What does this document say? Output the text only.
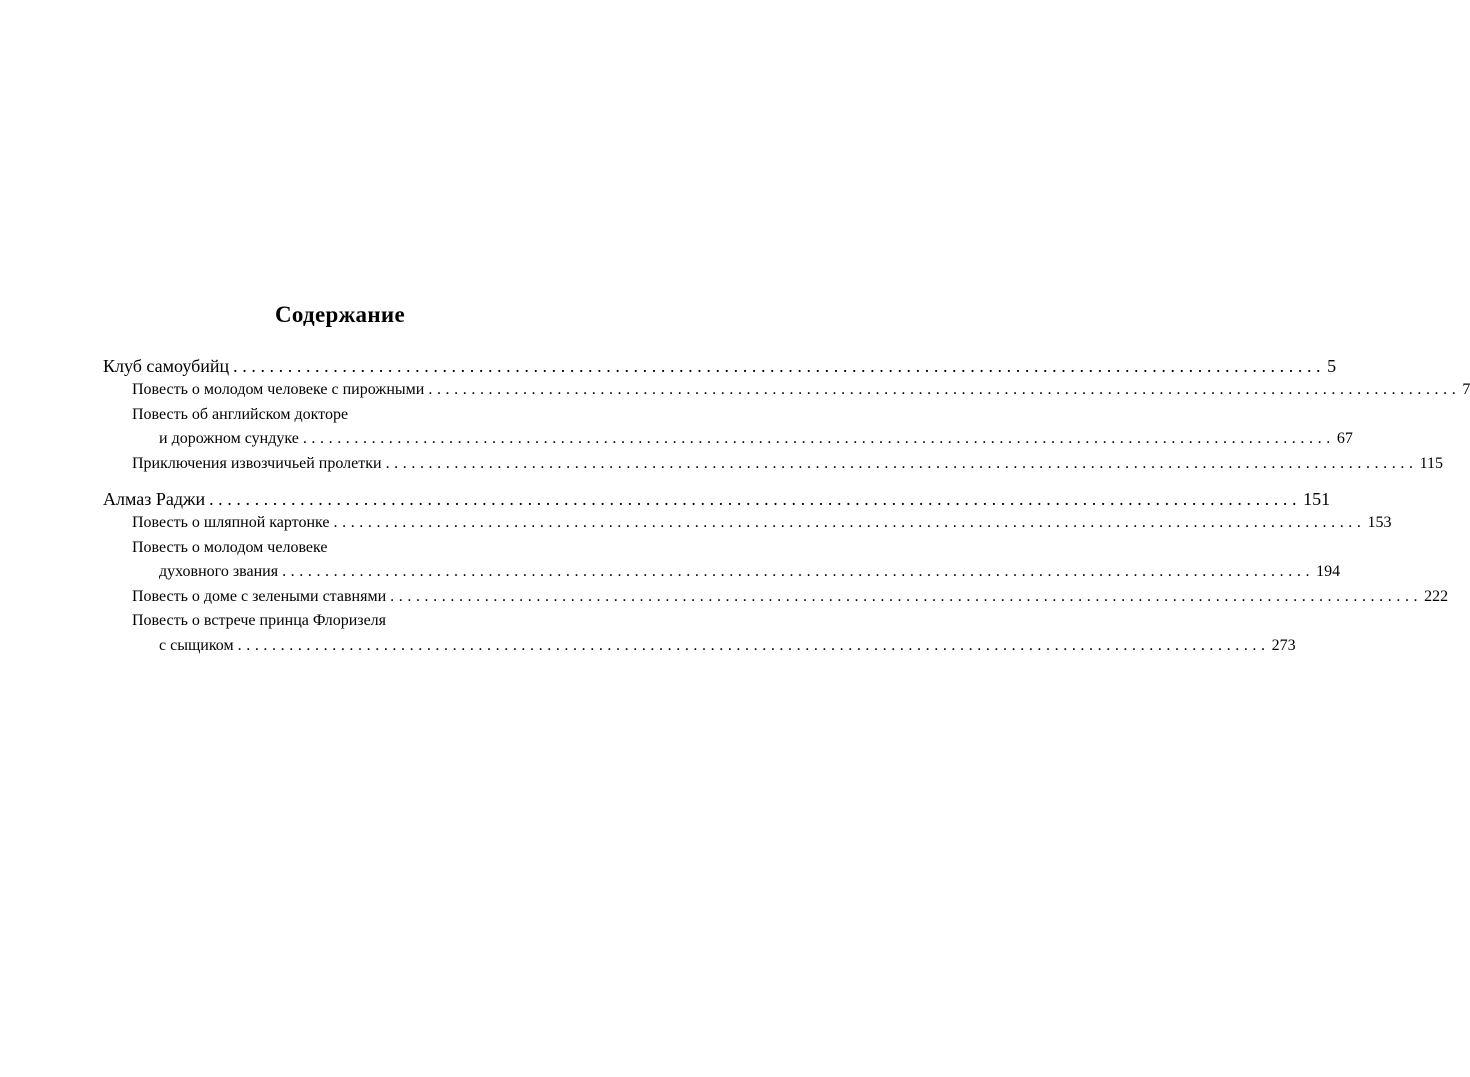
Содержание
Клуб самоубийц ........................................................................................................................ 5
Повесть о молодом человеке с пирожными ........................................................................................................................ 7
Повесть об английском докторе
и дорожном сундуке ........................................................................................................................ 67
Приключения извозчичьей пролетки ........................................................................................................................ 115
Алмаз Раджи ........................................................................................................................ 151
Повесть о шляпной картонке ........................................................................................................................ 153
Повесть о молодом человеке
духовного звания ........................................................................................................................ 194
Повесть о доме с зелеными ставнями ........................................................................................................................ 222
Повесть о встрече принца Флоризеля
с сыщиком ........................................................................................................................ 273
